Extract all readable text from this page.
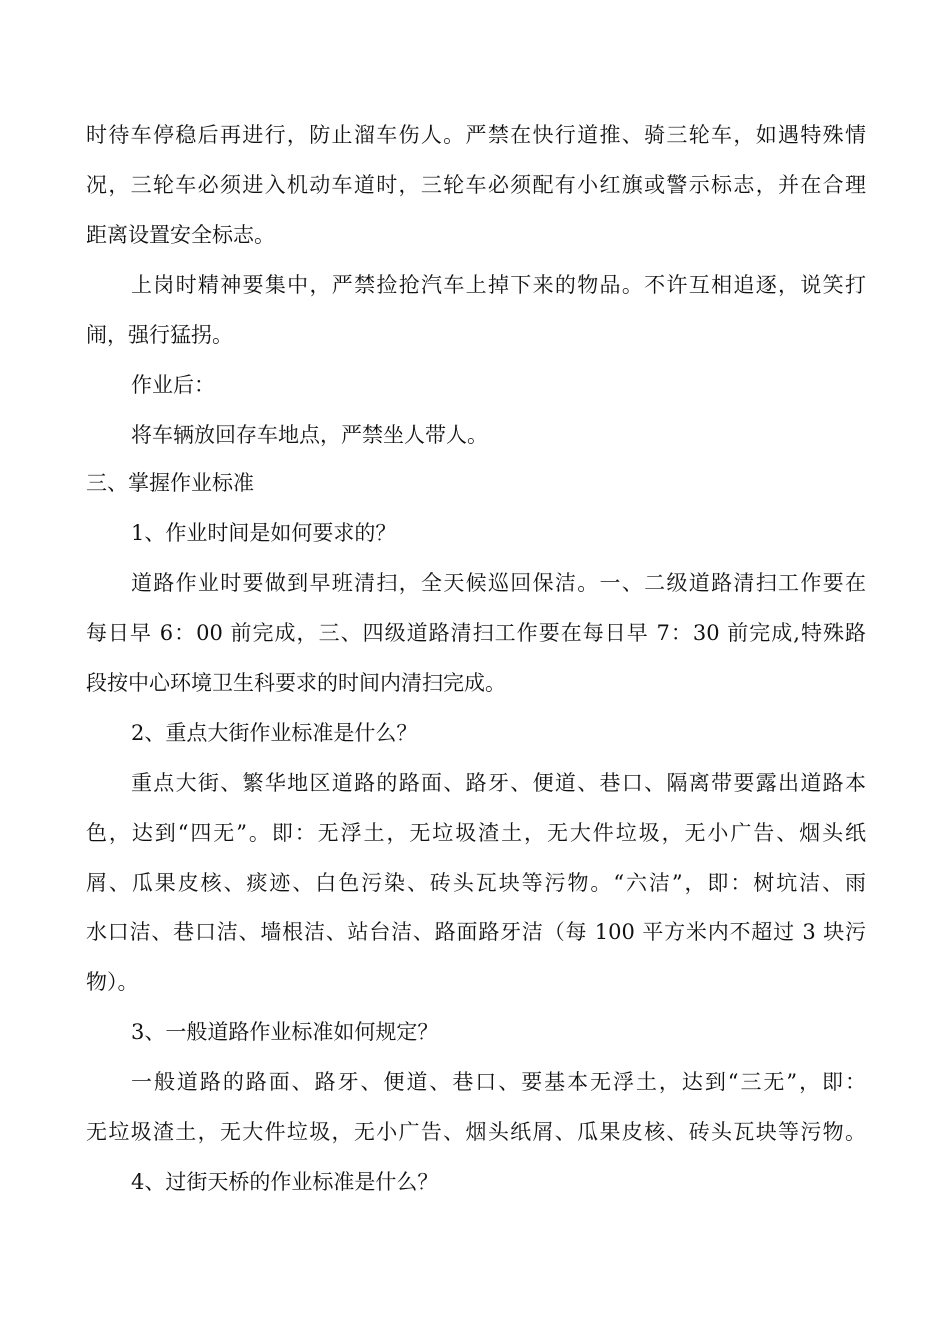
时待车停稳后再进行，防止溜车伤人。严禁在快行道推、骑三轮车，如遇特殊情
况，三轮车必须进入机动车道时，三轮车必须配有小红旗或警示标志，并在合理
距离设置安全标志。
上岗时精神要集中，严禁捡抢汽车上掉下来的物品。不许互相追逐，说笑打
闹，强行猛拐。
作业后：
将车辆放回存车地点，严禁坐人带人。
三、掌握作业标准
1、作业时间是如何要求的？
道路作业时要做到早班清扫，全天候巡回保洁。一、二级道路清扫工作要在
每日早 6：00 前完成，三、四级道路清扫工作要在每日早 7：30 前完成,特殊路
段按中心环境卫生科要求的时间内清扫完成。
2、重点大街作业标准是什么？
重点大街、繁华地区道路的路面、路牙、便道、巷口、隔离带要露出道路本
色，达到“四无”。即：无浮土，无垃圾渣土，无大件垃圾，无小广告、烟头纸
屑、瓜果皮核、痰迹、白色污染、砖头瓦块等污物。“六洁”，即：树坑洁、雨
水口洁、巷口洁、墙根洁、站台洁、路面路牙洁（每 100 平方米内不超过 3 块污
物）。
3、一般道路作业标准如何规定？
一般道路的路面、路牙、便道、巷口、要基本无浮土，达到“三无”，即：
无垃圾渣土，无大件垃圾，无小广告、烟头纸屑、瓜果皮核、砖头瓦块等污物。
4、过街天桥的作业标准是什么？
